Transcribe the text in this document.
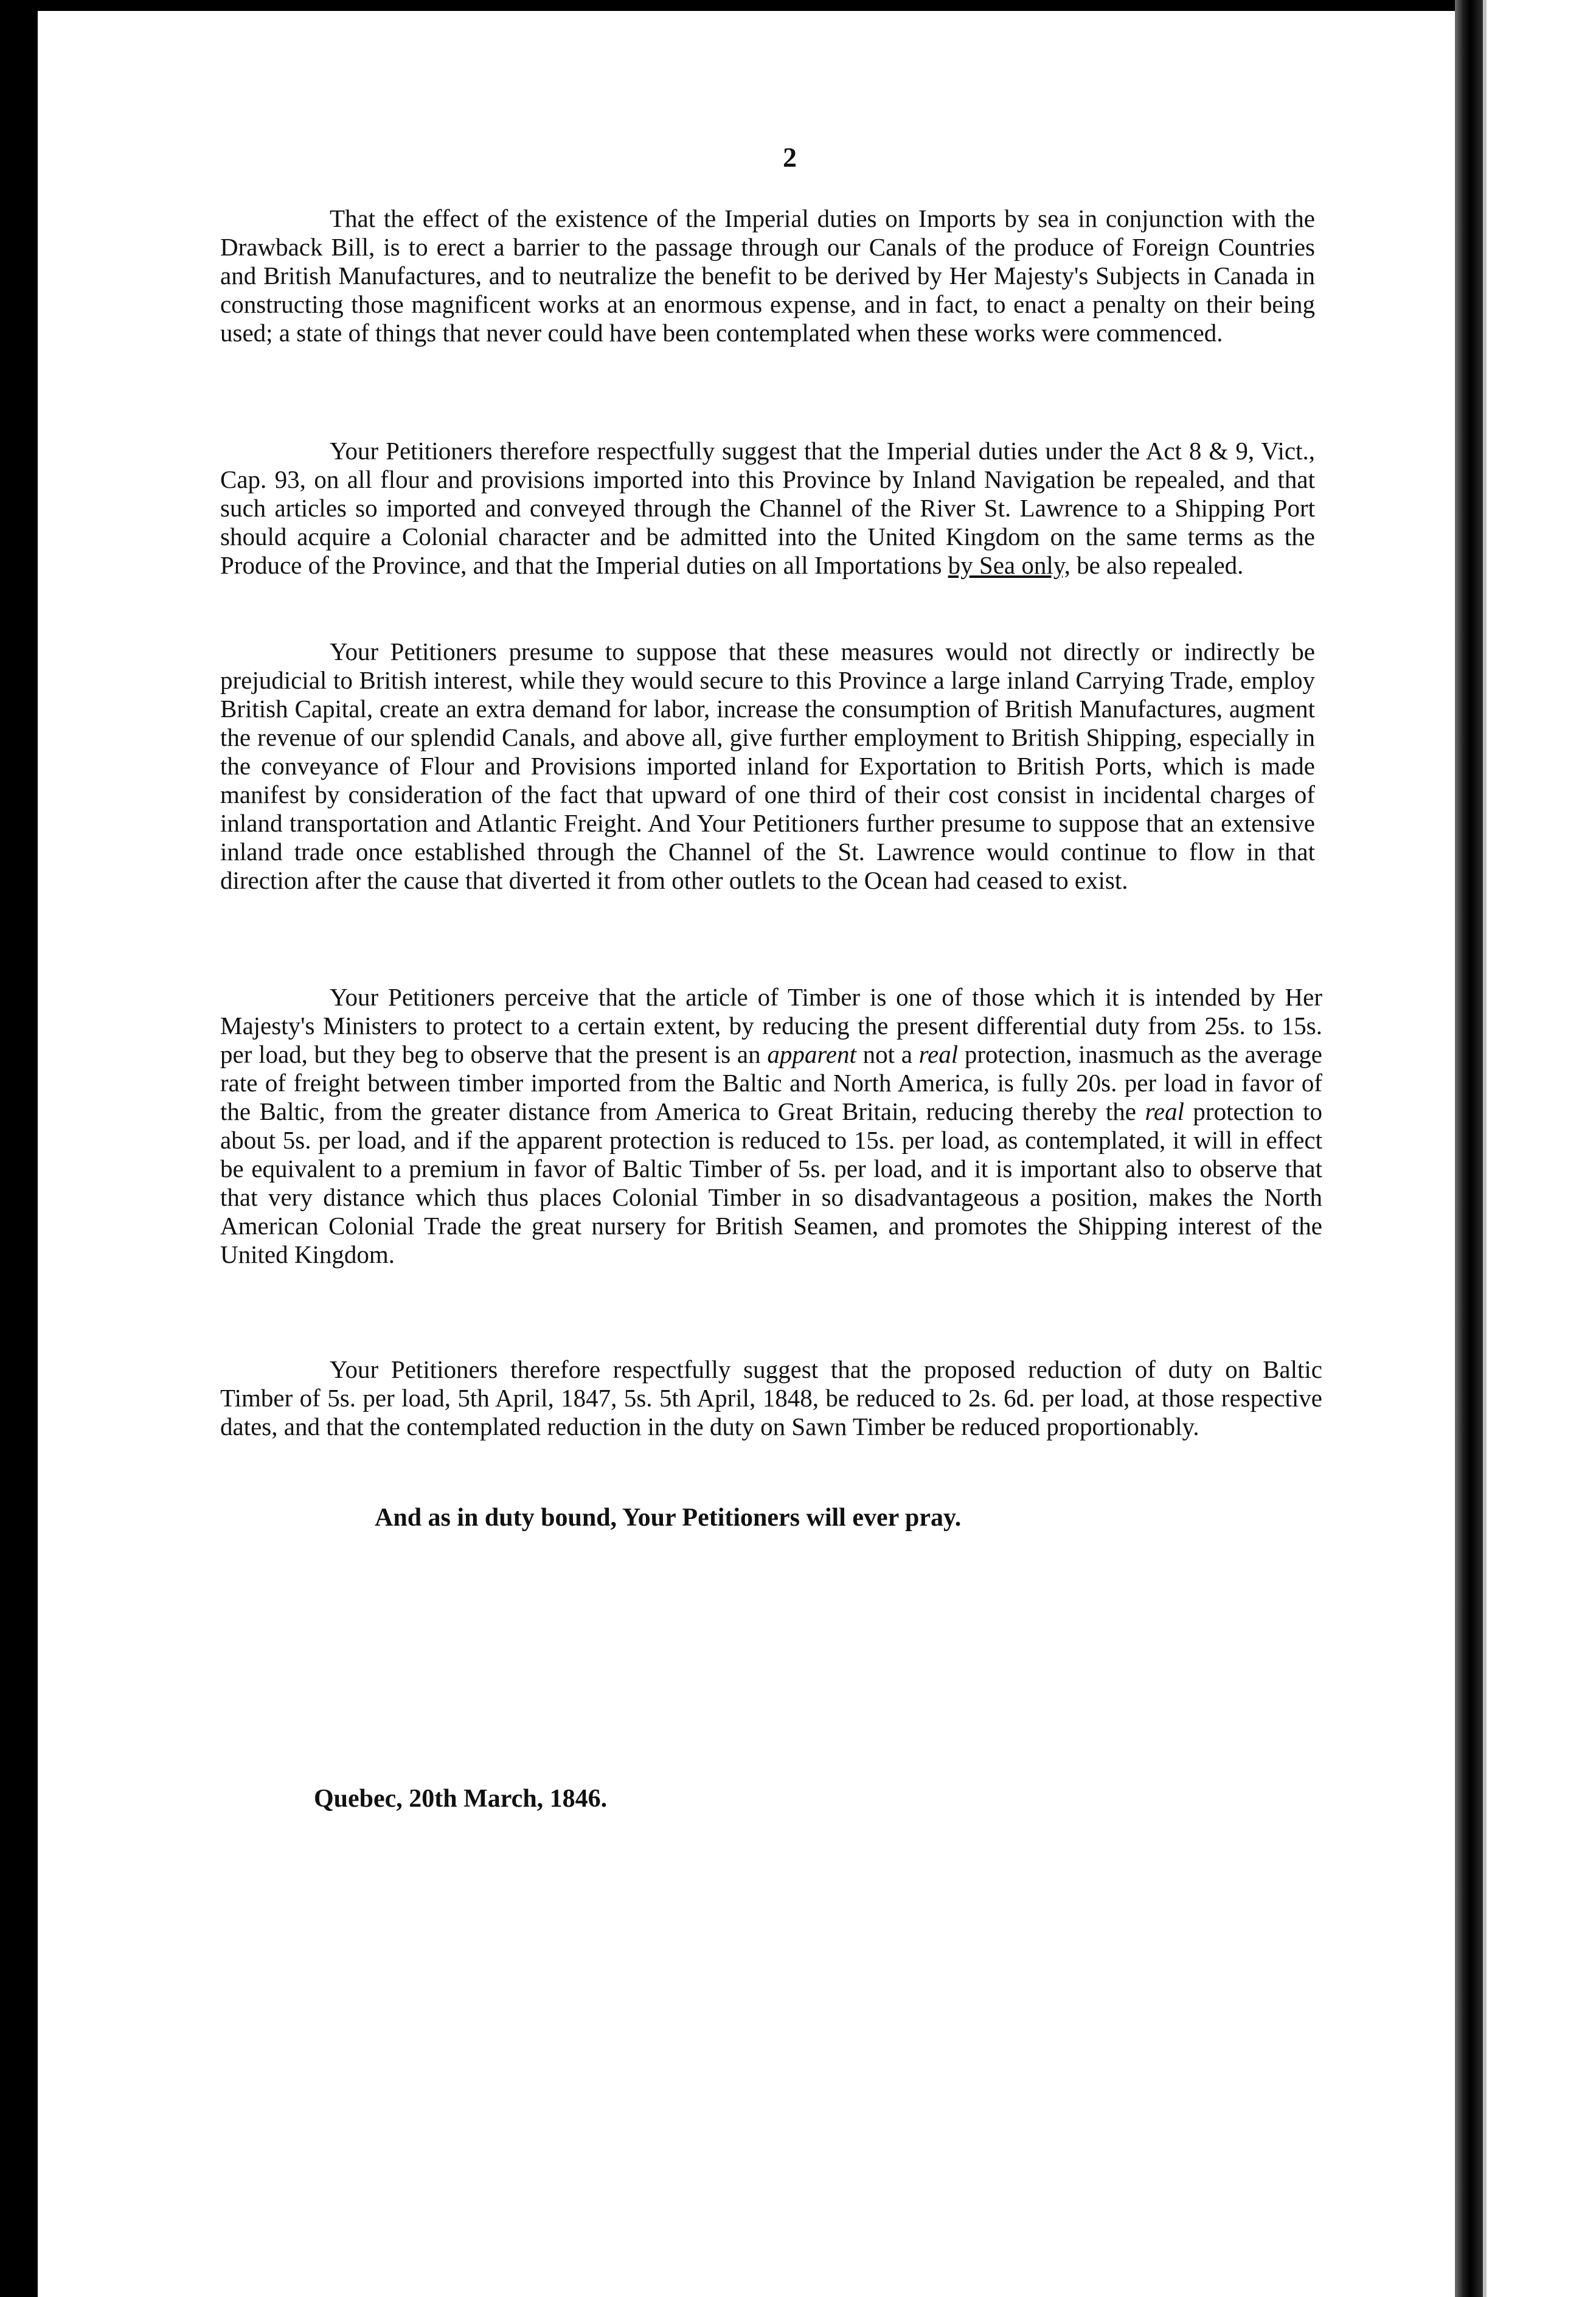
2

That the effect of the existence of the Imperial duties on Imports by sea in conjunction with the Drawback Bill, is to erect a barrier to the passage through our Canals of the produce of Foreign Countries and British Manufactures, and to neutralize the benefit to be derived by Her Majesty's Subjects in Canada in constructing those magnificent works at an enormous expense, and in fact, to enact a penalty on their being used; a state of things that never could have been contemplated when these works were commenced.

Your Petitioners therefore respectfully suggest that the Imperial duties under the Act 8 & 9, Vict., Cap. 93, on all flour and provisions imported into this Province by Inland Navigation be repealed, and that such articles so imported and conveyed through the Channel of the River St. Lawrence to a Shipping Port should acquire a Colonial character and be admitted into the United Kingdom on the same terms as the Produce of the Province, and that the Imperial duties on all Importations by Sea only, be also repealed.

Your Petitioners presume to suppose that these measures would not directly or indirectly be prejudicial to British interest, while they would secure to this Province a large inland Carrying Trade, employ British Capital, create an extra demand for labor, increase the consumption of British Manufactures, augment the revenue of our splendid Canals, and above all, give further employment to British Shipping, especially in the conveyance of Flour and Provisions imported inland for Exportation to British Ports, which is made manifest by consideration of the fact that upward of one third of their cost consist in incidental charges of inland transportation and Atlantic Freight. And Your Petitioners further presume to suppose that an extensive inland trade once established through the Channel of the St. Lawrence would continue to flow in that direction after the cause that diverted it from other outlets to the Ocean had ceased to exist.

Your Petitioners perceive that the article of Timber is one of those which it is intended by Her Majesty's Ministers to protect to a certain extent, by reducing the present differential duty from 25s. to 15s. per load, but they beg to observe that the present is an apparent not a real protection, inasmuch as the average rate of freight between timber imported from the Baltic and North America, is fully 20s. per load in favor of the Baltic, from the greater distance from America to Great Britain, reducing thereby the real protection to about 5s. per load, and if the apparent protection is reduced to 15s. per load, as contemplated, it will in effect be equivalent to a premium in favor of Baltic Timber of 5s. per load, and it is important also to observe that that very distance which thus places Colonial Timber in so disadvantageous a position, makes the North American Colonial Trade the great nursery for British Seamen, and promotes the Shipping interest of the United Kingdom.

Your Petitioners therefore respectfully suggest that the proposed reduction of duty on Baltic Timber of 5s. per load, 5th April, 1847, 5s. 5th April, 1848, be reduced to 2s. 6d. per load, at those respective dates, and that the contemplated reduction in the duty on Sawn Timber be reduced proportionably.

And as in duty bound, Your Petitioners will ever pray.
Quebec, 20th March, 1846.
